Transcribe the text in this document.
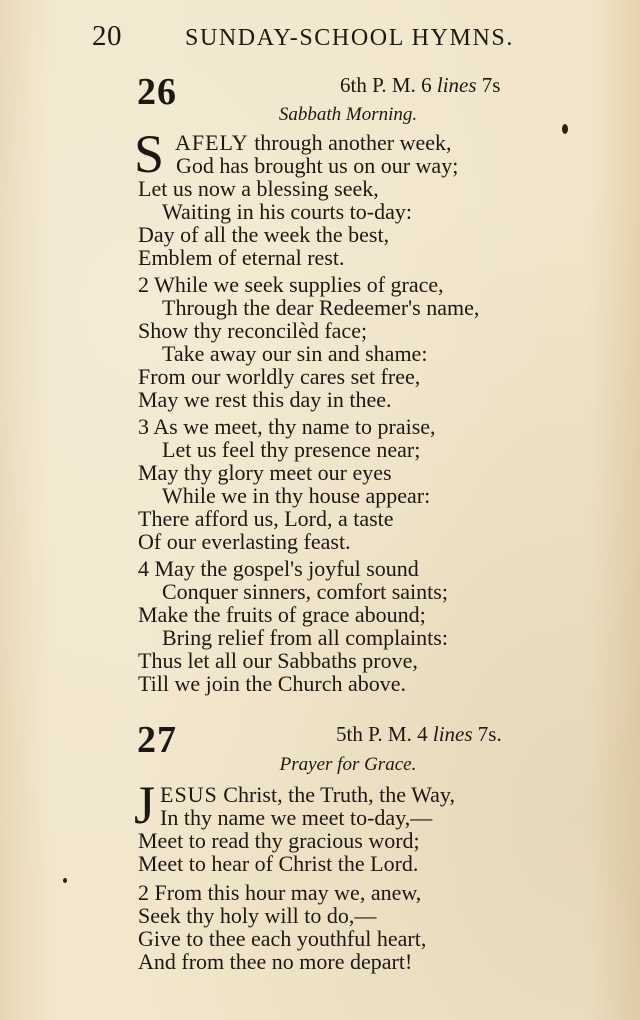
20	SUNDAY-SCHOOL HYMNS.
26	6th P. M. 6 lines 7s
Sabbath Morning.
S AFELY through another week,
God has brought us on our way;
Let us now a blessing seek,
Waiting in his courts to-day:
Day of all the week the best,
Emblem of eternal rest.
2 While we seek supplies of grace,
Through the dear Redeemer's name,
Show thy reconcilèd face;
Take away our sin and shame:
From our worldly cares set free,
May we rest this day in thee.
3 As we meet, thy name to praise,
Let us feel thy presence near;
May thy glory meet our eyes
While we in thy house appear:
There afford us, Lord, a taste
Of our everlasting feast.
4 May the gospel's joyful sound
Conquer sinners, comfort saints;
Make the fruits of grace abound;
Bring relief from all complaints:
Thus let all our Sabbaths prove,
Till we join the Church above.
27	5th P. M. 4 lines 7s.
Prayer for Grace.
J ESUS Christ, the Truth, the Way,
In thy name we meet to-day,—
Meet to read thy gracious word;
Meet to hear of Christ the Lord.
2 From this hour may we, anew,
Seek thy holy will to do,—
Give to thee each youthful heart,
And from thee no more depart!
